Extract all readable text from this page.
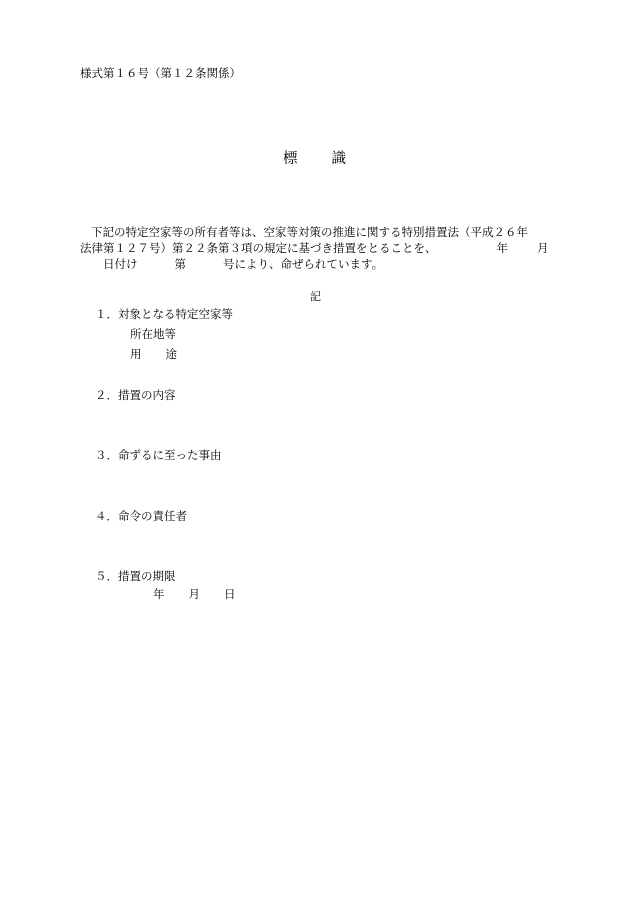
様式第１６号（第１２条関係）
標 識
下記の特定空家等の所有者等は、空家等対策の推進に関する特別措置法（平成２６年
法律第１２７号）第２２条第３項の規定に基づき措置をとることを、	年	月
日付け	第	号により、命ぜられています。
記
１．対象となる特定空家等
所在地等
用 途
２．措置の内容
３．命ずるに至った事由
４．命令の責任者
５．措置の期限
年 月 日
